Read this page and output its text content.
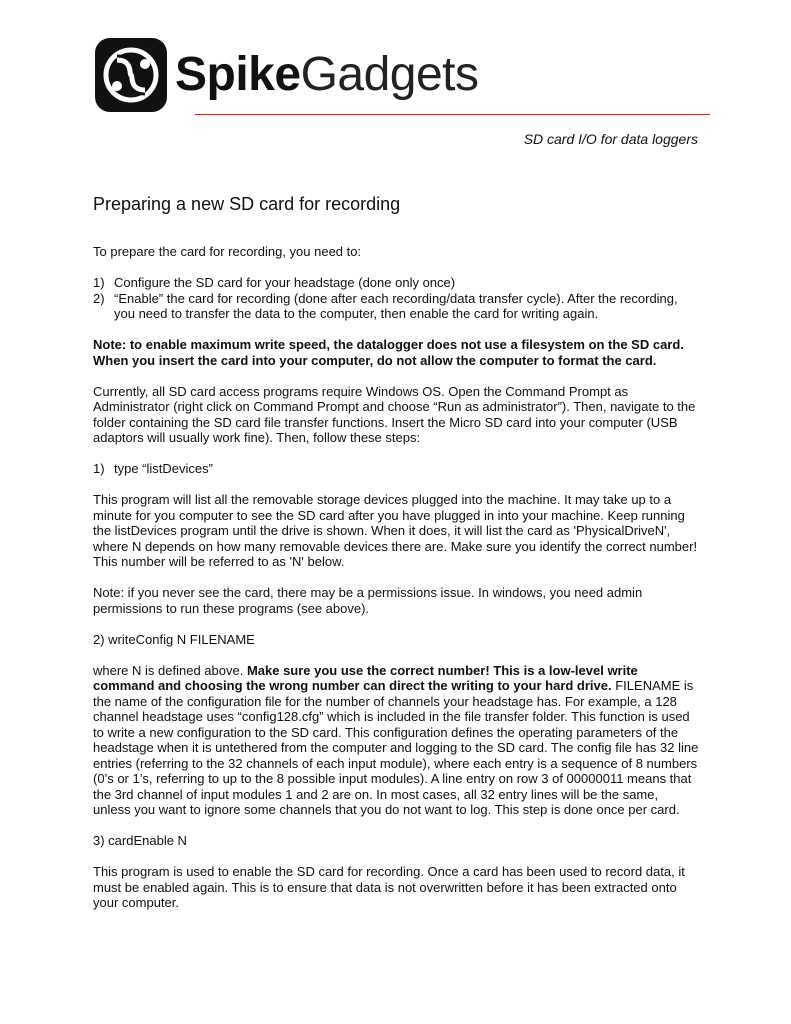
SpikeGadgets
SD card I/O for data loggers
Preparing a new SD card for recording

To prepare the card for recording, you need to:

1) Configure the SD card for your headstage (done only once)
2) “Enable” the card for recording (done after each recording/data transfer cycle). After the recording, you need to transfer the data to the computer, then enable the card for writing again.

Note: to enable maximum write speed, the datalogger does not use a filesystem on the SD card. When you insert the card into your computer, do not allow the computer to format the card.

Currently, all SD card access programs require Windows OS. Open the Command Prompt as Administrator (right click on Command Prompt and choose “Run as administrator”). Then, navigate to the folder containing the SD card file transfer functions. Insert the Micro SD card into your computer (USB adaptors will usually work fine). Then, follow these steps:

1) type “listDevices”

This program will list all the removable storage devices plugged into the machine. It may take up to a minute for you computer to see the SD card after you have plugged in into your machine. Keep running the listDevices program until the drive is shown. When it does, it will list the card as 'PhysicalDriveN', where N depends on how many removable devices there are. Make sure you identify the correct number! This number will be referred to as 'N' below.

Note: if you never see the card, there may be a permissions issue. In windows, you need admin permissions to run these programs (see above).

2) writeConfig N FILENAME

where N is defined above. Make sure you use the correct number! This is a low-level write command and choosing the wrong number can direct the writing to your hard drive. FILENAME is the name of the configuration file for the number of channels your headstage has. For example, a 128 channel headstage uses “config128.cfg” which is included in the file transfer folder. This function is used to write a new configuration to the SD card. This configuration defines the operating parameters of the headstage when it is untethered from the computer and logging to the SD card. The config file has 32 line entries (referring to the 32 channels of each input module), where each entry is a sequence of 8 numbers (0’s or 1’s, referring to up to the 8 possible input modules). A line entry on row 3 of 00000011 means that the 3rd channel of input modules 1 and 2 are on. In most cases, all 32 entry lines will be the same, unless you want to ignore some channels that you do not want to log. This step is done once per card.

3) cardEnable N

This program is used to enable the SD card for recording. Once a card has been used to record data, it must be enabled again. This is to ensure that data is not overwritten before it has been extracted onto your computer.
